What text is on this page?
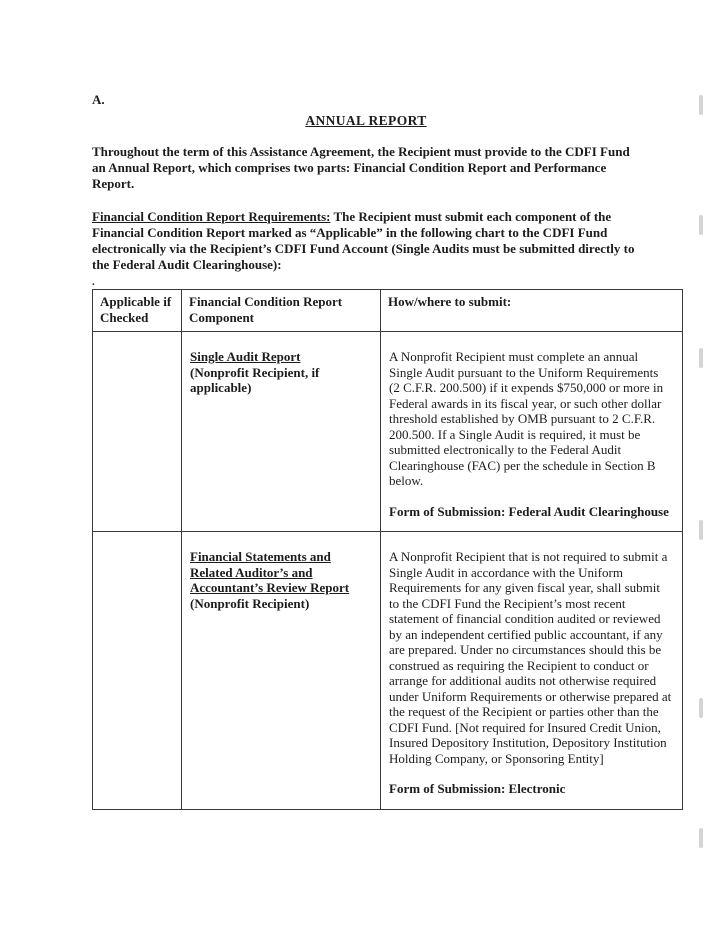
A.
ANNUAL REPORT

Throughout the term of this Assistance Agreement, the Recipient must provide to the CDFI Fund an Annual Report, which comprises two parts: Financial Condition Report and Performance Report.

Financial Condition Report Requirements: The Recipient must submit each component of the Financial Condition Report marked as “Applicable” in the following chart to the CDFI Fund electronically via the Recipient’s CDFI Fund Account (Single Audits must be submitted directly to the Federal Audit Clearinghouse):

.
Applicable if Checked	Financial Condition Report Component	How/where to submit:

	Single Audit Report
(Nonprofit Recipient, if applicable)	A Nonprofit Recipient must complete an annual Single Audit pursuant to the Uniform Requirements (2 C.F.R. 200.500) if it expends $750,000 or more in Federal awards in its fiscal year, or such other dollar threshold established by OMB pursuant to 2 C.F.R. 200.500. If a Single Audit is required, it must be submitted electronically to the Federal Audit Clearinghouse (FAC) per the schedule in Section B below.
Form of Submission: Federal Audit Clearinghouse

	Financial Statements and Related Auditor’s and Accountant’s Review Report
(Nonprofit Recipient)	A Nonprofit Recipient that is not required to submit a Single Audit in accordance with the Uniform Requirements for any given fiscal year, shall submit to the CDFI Fund the Recipient’s most recent statement of financial condition audited or reviewed by an independent certified public accountant, if any are prepared. Under no circumstances should this be construed as requiring the Recipient to conduct or arrange for additional audits not otherwise required under Uniform Requirements or otherwise prepared at the request of the Recipient or parties other than the CDFI Fund. [Not required for Insured Credit Union, Insured Depository Institution, Depository Institution Holding Company, or Sponsoring Entity]
Form of Submission: Electronic
